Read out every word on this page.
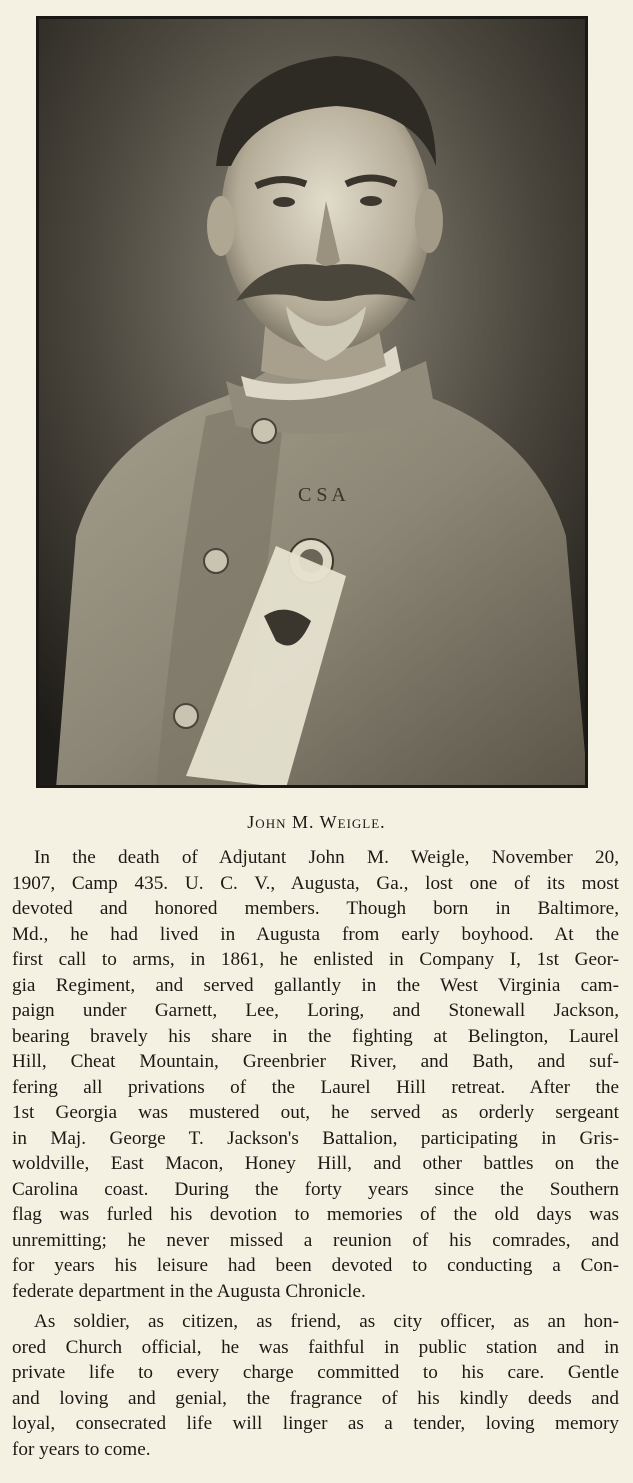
C S A
John M. Weigle.
In the death of Adjutant John M. Weigle, November 20,
1907, Camp 435. U. C. V., Augusta, Ga., lost one of its most
devoted and honored members. Though born in Baltimore,
Md., he had lived in Augusta from early boyhood. At the
first call to arms, in 1861, he enlisted in Company I, 1st Geor-
gia Regiment, and served gallantly in the West Virginia cam-
paign under Garnett, Lee, Loring, and Stonewall Jackson,
bearing bravely his share in the fighting at Belington, Laurel
Hill, Cheat Mountain, Greenbrier River, and Bath, and suf-
fering all privations of the Laurel Hill retreat. After the
1st Georgia was mustered out, he served as orderly sergeant
in Maj. George T. Jackson's Battalion, participating in Gris-
woldville, East Macon, Honey Hill, and other battles on the
Carolina coast. During the forty years since the Southern
flag was furled his devotion to memories of the old days was
unremitting; he never missed a reunion of his comrades, and
for years his leisure had been devoted to conducting a Con-
federate department in the Augusta Chronicle.
As soldier, as citizen, as friend, as city officer, as an hon-
ored Church official, he was faithful in public station and in
private life to every charge committed to his care. Gentle
and loving and genial, the fragrance of his kindly deeds and
loyal, consecrated life will linger as a tender, loving memory
for years to come.
